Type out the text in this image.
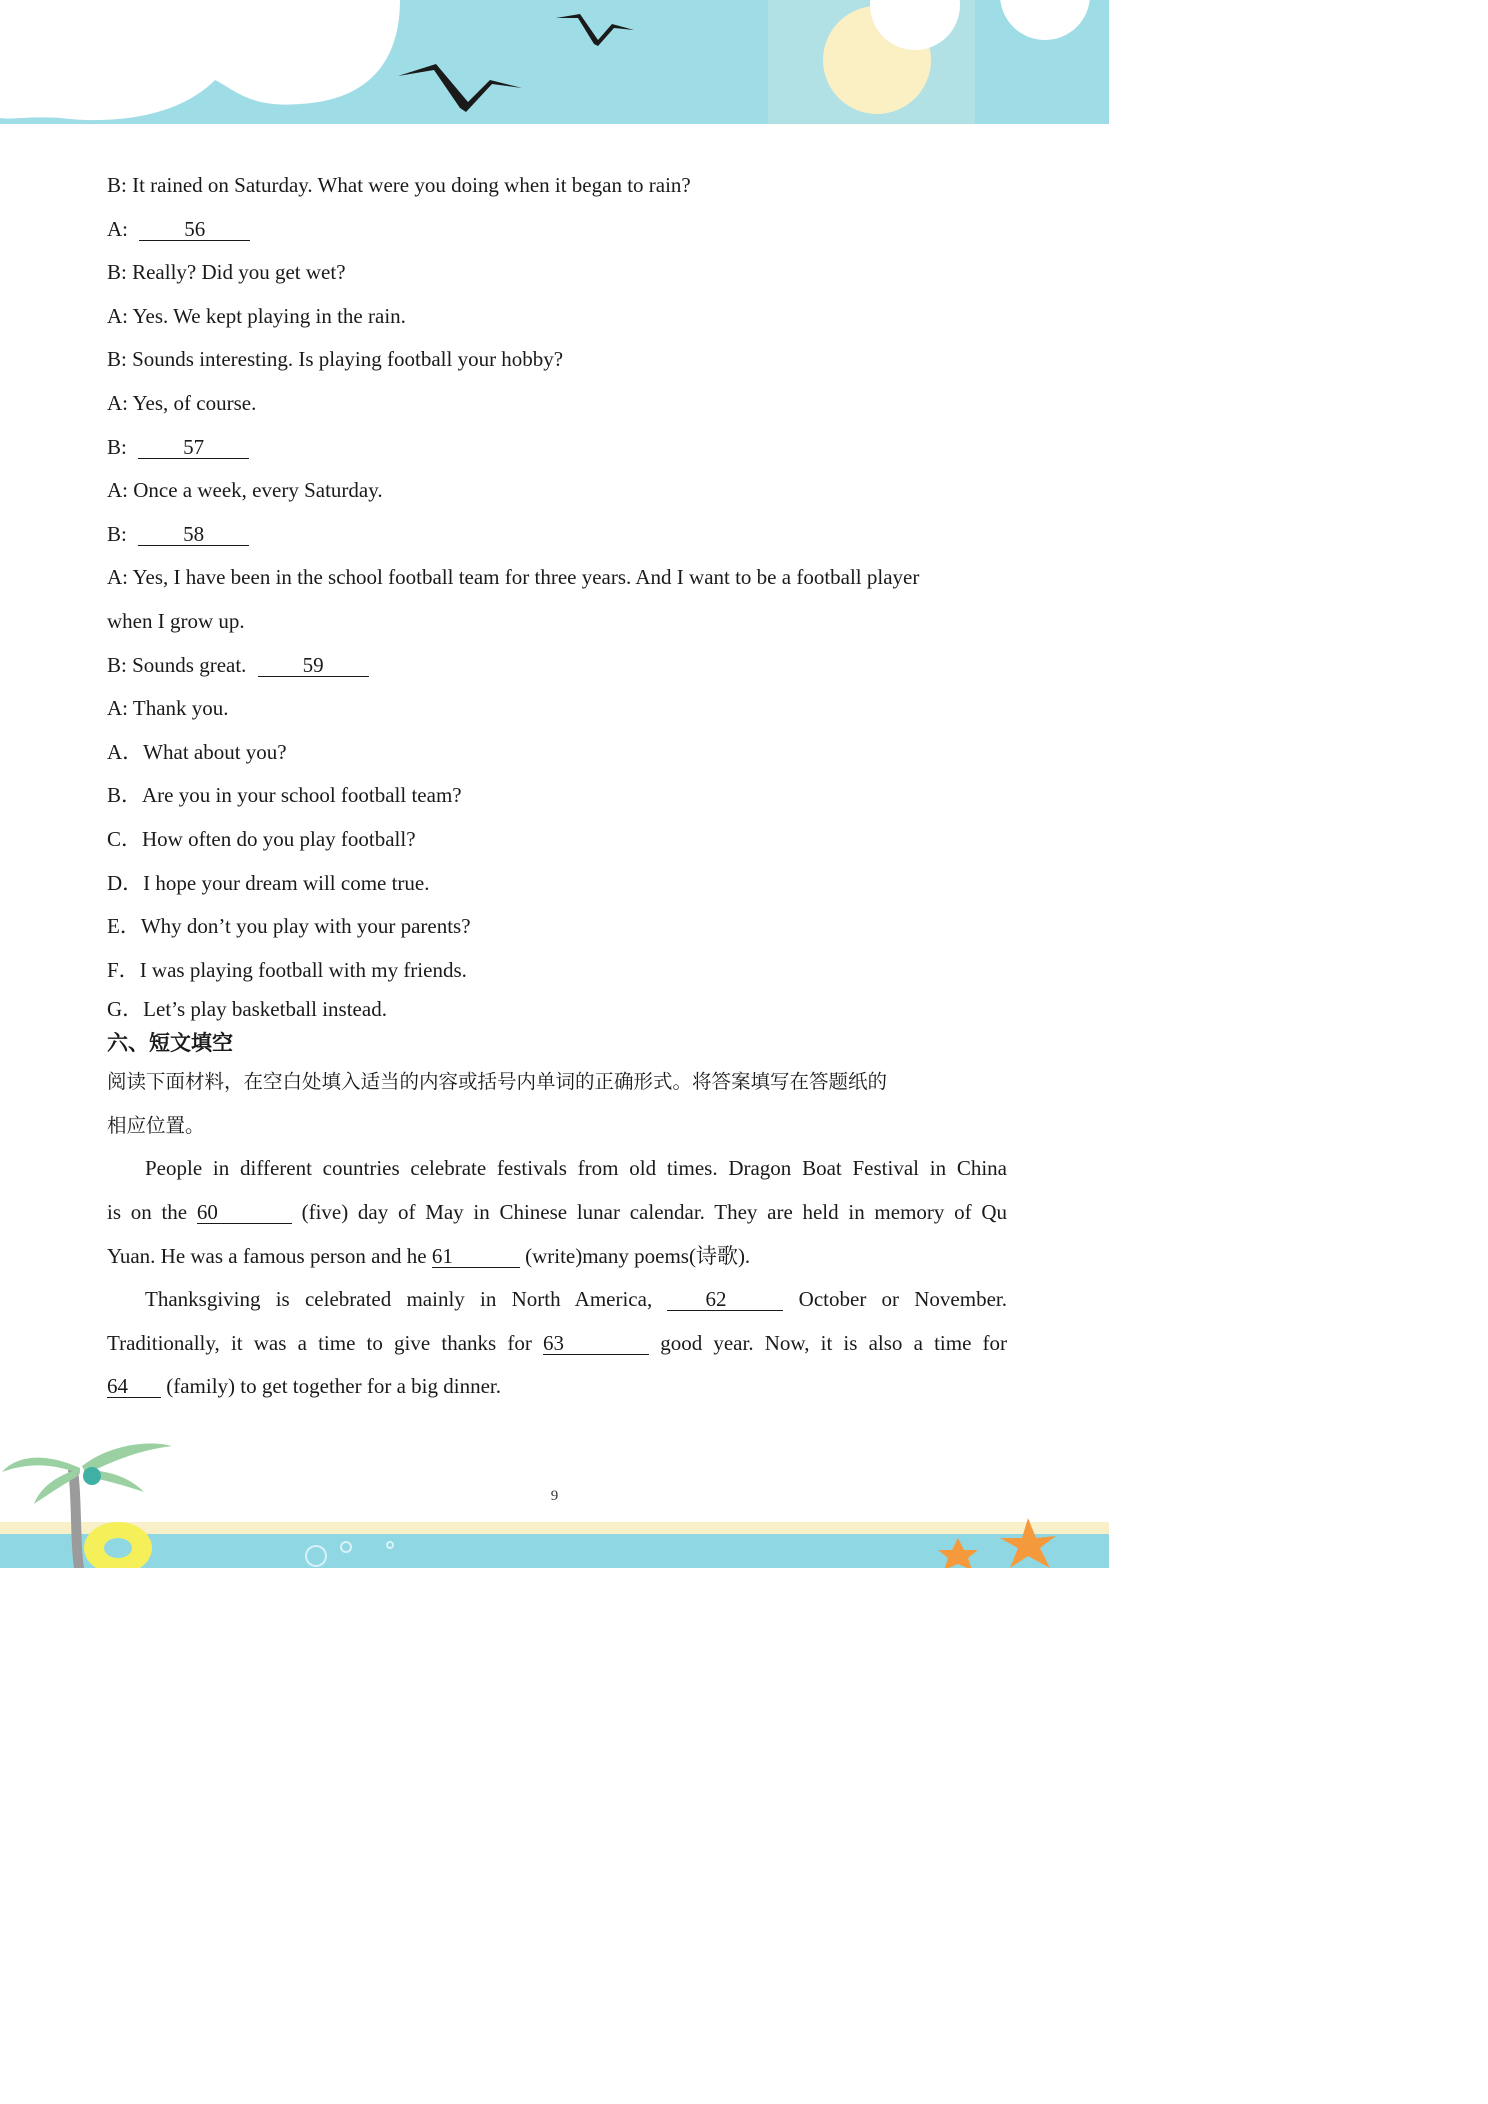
B: It rained on Saturday. What were you doing when it began to rain?
A:	56
B: Really? Did you get wet?
A: Yes. We kept playing in the rain.
B: Sounds interesting. Is playing football your hobby?
A: Yes, of course.
B:	57
A: Once a week, every Saturday.
B:	58
A: Yes, I have been in the school football team for three years. And I want to be a football player
when I grow up.
B: Sounds great.	59
A: Thank you.
A．What about you?
B．Are you in your school football team?
C．How often do you play football?
D．I hope your dream will come true.
E．Why don’t you play with your parents?
F．I was playing football with my friends.
G．Let’s play basketball instead.
六、短文填空
阅读下面材料，在空白处填入适当的内容或括号内单词的正确形式。将答案填写在答题纸的
相应位置。
People in different countries celebrate festivals from old times. Dragon Boat Festival in China
is on the 60	(five) day of May in Chinese lunar calendar. They are held in memory of Qu
Yuan. He was a famous person and he 61	(write)many poems(诗歌).
Thanksgiving is celebrated mainly in North America,	62	October or November.
Traditionally, it was a time to give thanks for 63	good year. Now, it is also a time for
64 (family) to get together for a big dinner.
9
